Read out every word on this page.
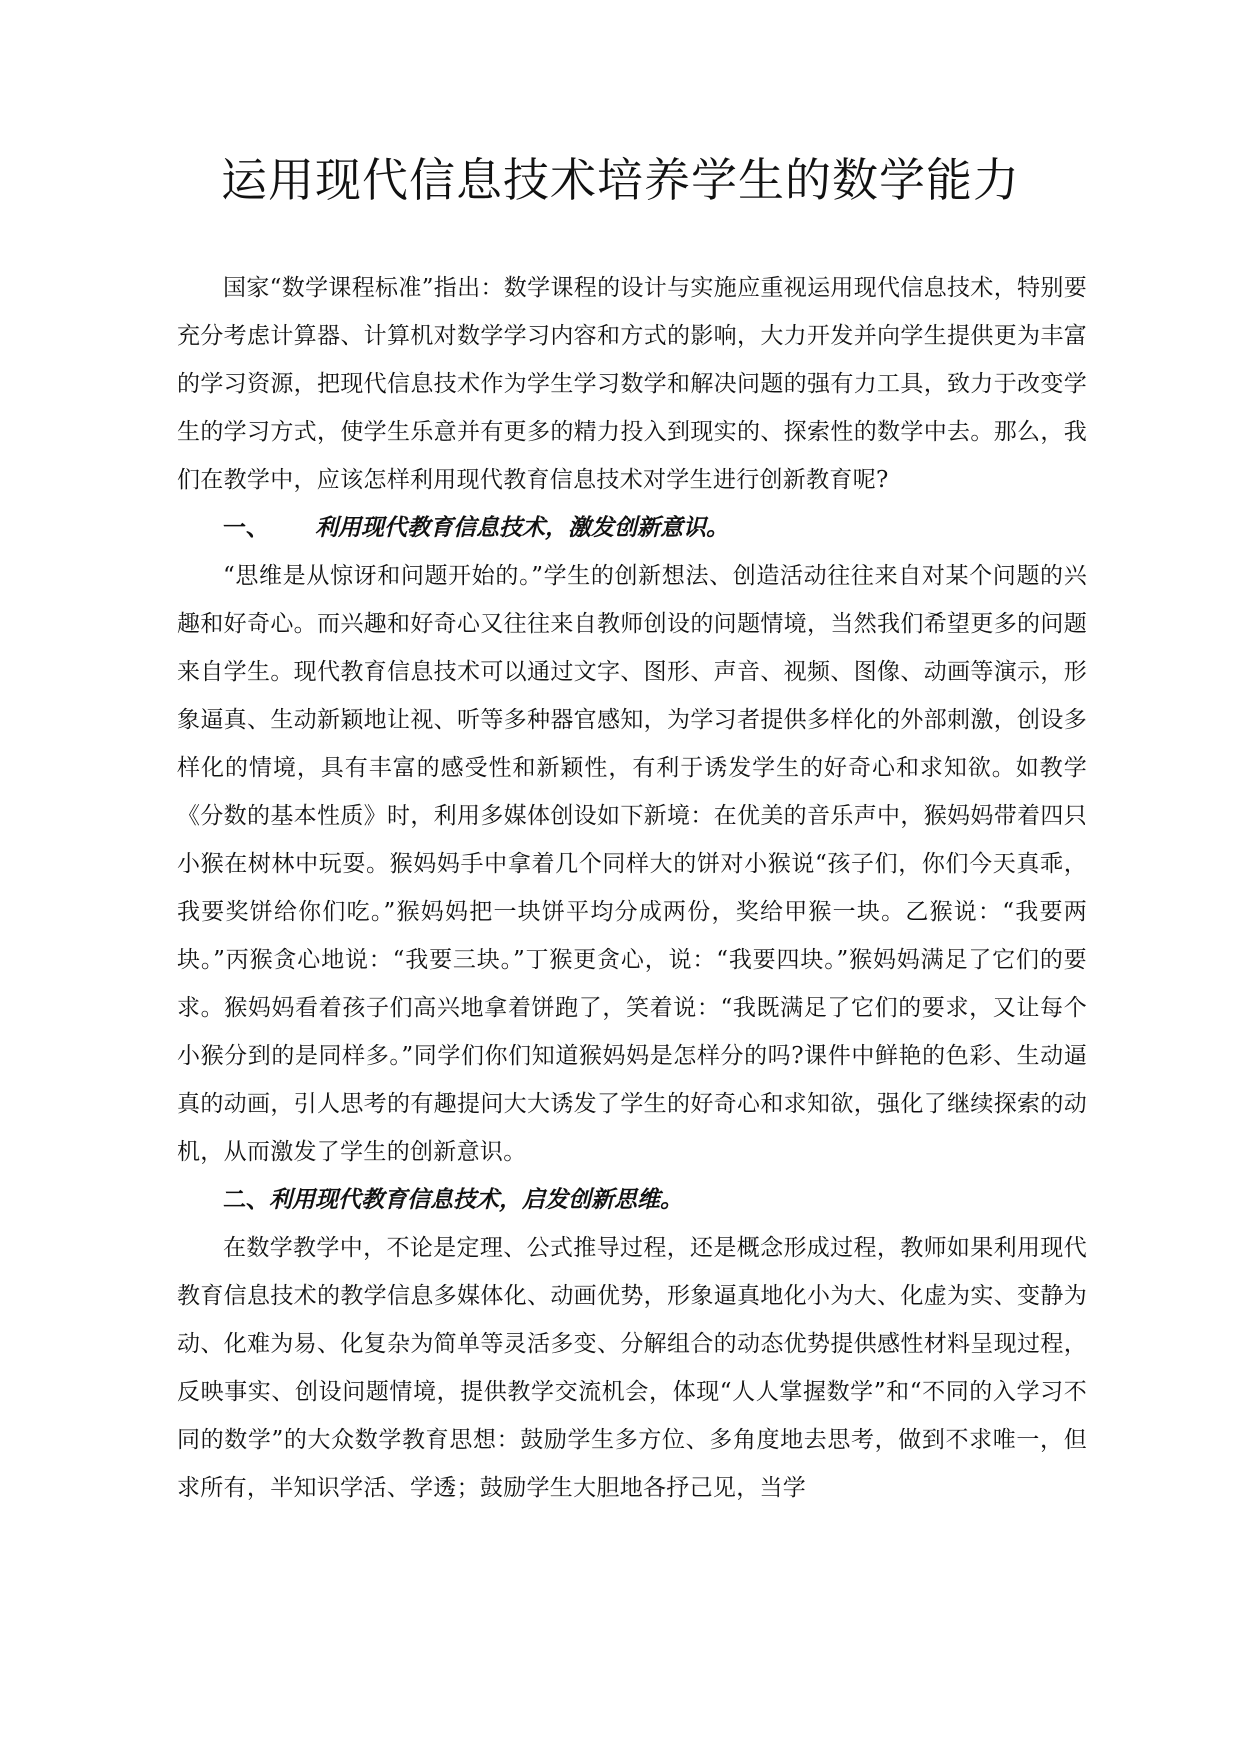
运用现代信息技术培养学生的数学能力

国家“数学课程标准”指出：数学课程的设计与实施应重视运用现代信息技术，特别要充分考虑计算器、计算机对数学学习内容和方式的影响，大力开发并向学生提供更为丰富的学习资源，把现代信息技术作为学生学习数学和解决问题的强有力工具，致力于改变学生的学习方式，使学生乐意并有更多的精力投入到现实的、探索性的数学中去。那么，我们在教学中，应该怎样利用现代教育信息技术对学生进行创新教育呢?

一、 利用现代教育信息技术，激发创新意识。

“思维是从惊讶和问题开始的。”学生的创新想法、创造活动往往来自对某个问题的兴趣和好奇心。而兴趣和好奇心又往往来自教师创设的问题情境，当然我们希望更多的问题来自学生。现代教育信息技术可以通过文字、图形、声音、视频、图像、动画等演示，形象逼真、生动新颖地让视、听等多种器官感知，为学习者提供多样化的外部刺激，创设多样化的情境，具有丰富的感受性和新颖性，有利于诱发学生的好奇心和求知欲。如教学《分数的基本性质》时，利用多媒体创设如下新境：在优美的音乐声中，猴妈妈带着四只小猴在树林中玩耍。猴妈妈手中拿着几个同样大的饼对小猴说“孩子们，你们今天真乖，我要奖饼给你们吃。”猴妈妈把一块饼平均分成两份，奖给甲猴一块。乙猴说：“我要两块。”丙猴贪心地说：“我要三块。”丁猴更贪心，说：“我要四块。”猴妈妈满足了它们的要求。猴妈妈看着孩子们高兴地拿着饼跑了，笑着说：“我既满足了它们的要求，又让每个小猴分到的是同样多。”同学们你们知道猴妈妈是怎样分的吗?课件中鲜艳的色彩、生动逼真的动画，引人思考的有趣提问大大诱发了学生的好奇心和求知欲，强化了继续探索的动机，从而激发了学生的创新意识。

二、利用现代教育信息技术，启发创新思维。

在数学教学中，不论是定理、公式推导过程，还是概念形成过程，教师如果利用现代教育信息技术的教学信息多媒体化、动画优势，形象逼真地化小为大、化虚为实、变静为动、化难为易、化复杂为简单等灵活多变、分解组合的动态优势提供感性材料呈现过程，反映事实、创设问题情境，提供教学交流机会，体现“人人掌握数学”和“不同的入学习不同的数学”的大众数学教育思想：鼓励学生多方位、多角度地去思考，做到不求唯一，但求所有，半知识学活、学透；鼓励学生大胆地各抒己见，当学
